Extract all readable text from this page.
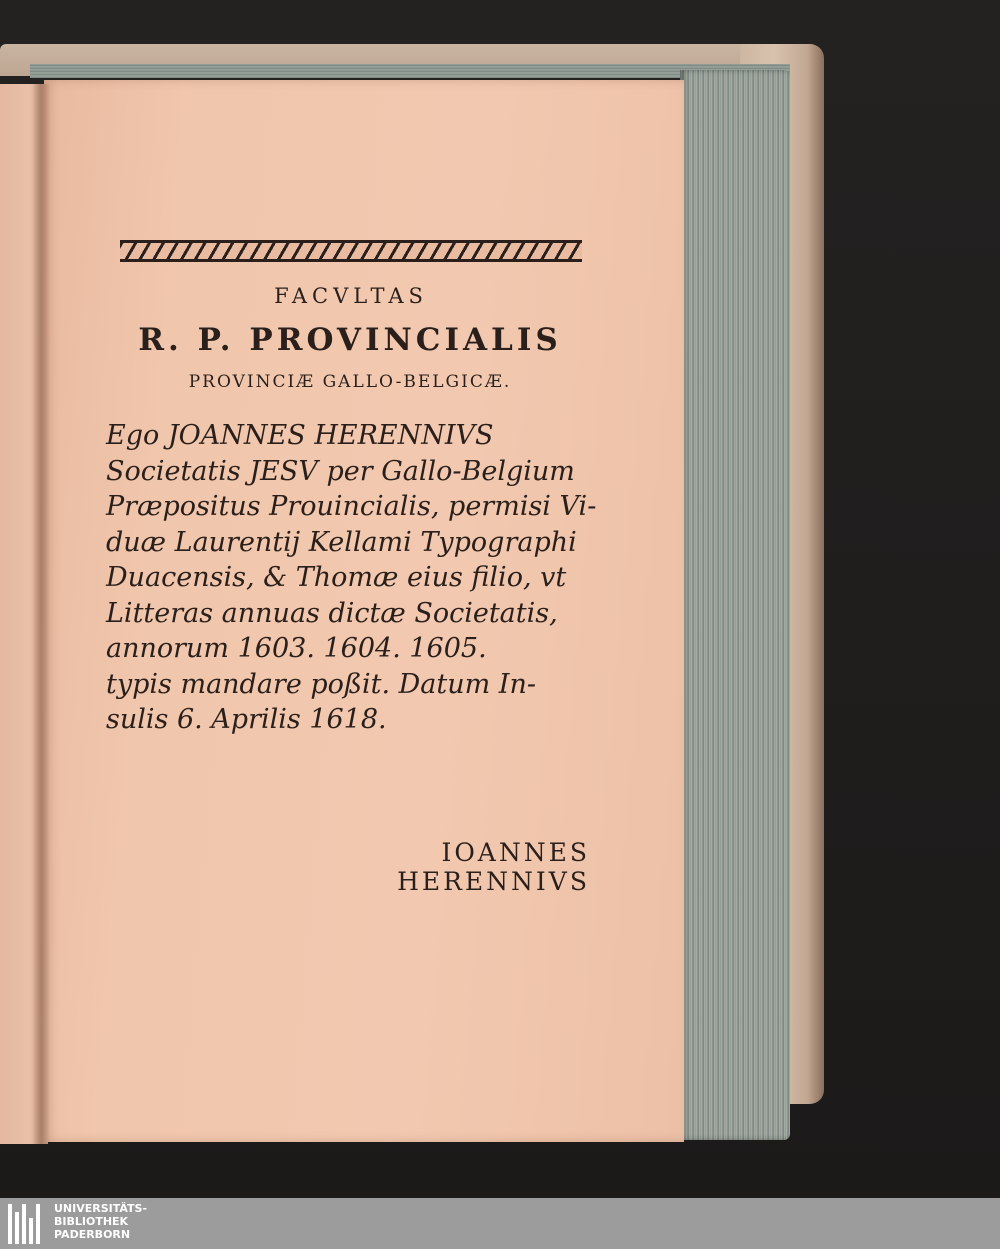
FACVLTAS
R. P. PROVINCIALIS
PROVINCIÆ GALLO-BELGICÆ.
Ego JOANNES HERENNIVS
Societatis JESV per Gallo-Belgium
Præpositus Prouincialis, permisi Vi-
duæ Laurentij Kellami Typographi
Duacensis, & Thomæ eius filio, vt
Litteras annuas dictæ Societatis,
annorum 1603. 1604. 1605.
typis mandare poßit. Datum In-
sulis 6. Aprilis 1618.
IOANNES HERENNIVS
UNIVERSITÄTS-
BIBLIOTHEK
PADERBORN
